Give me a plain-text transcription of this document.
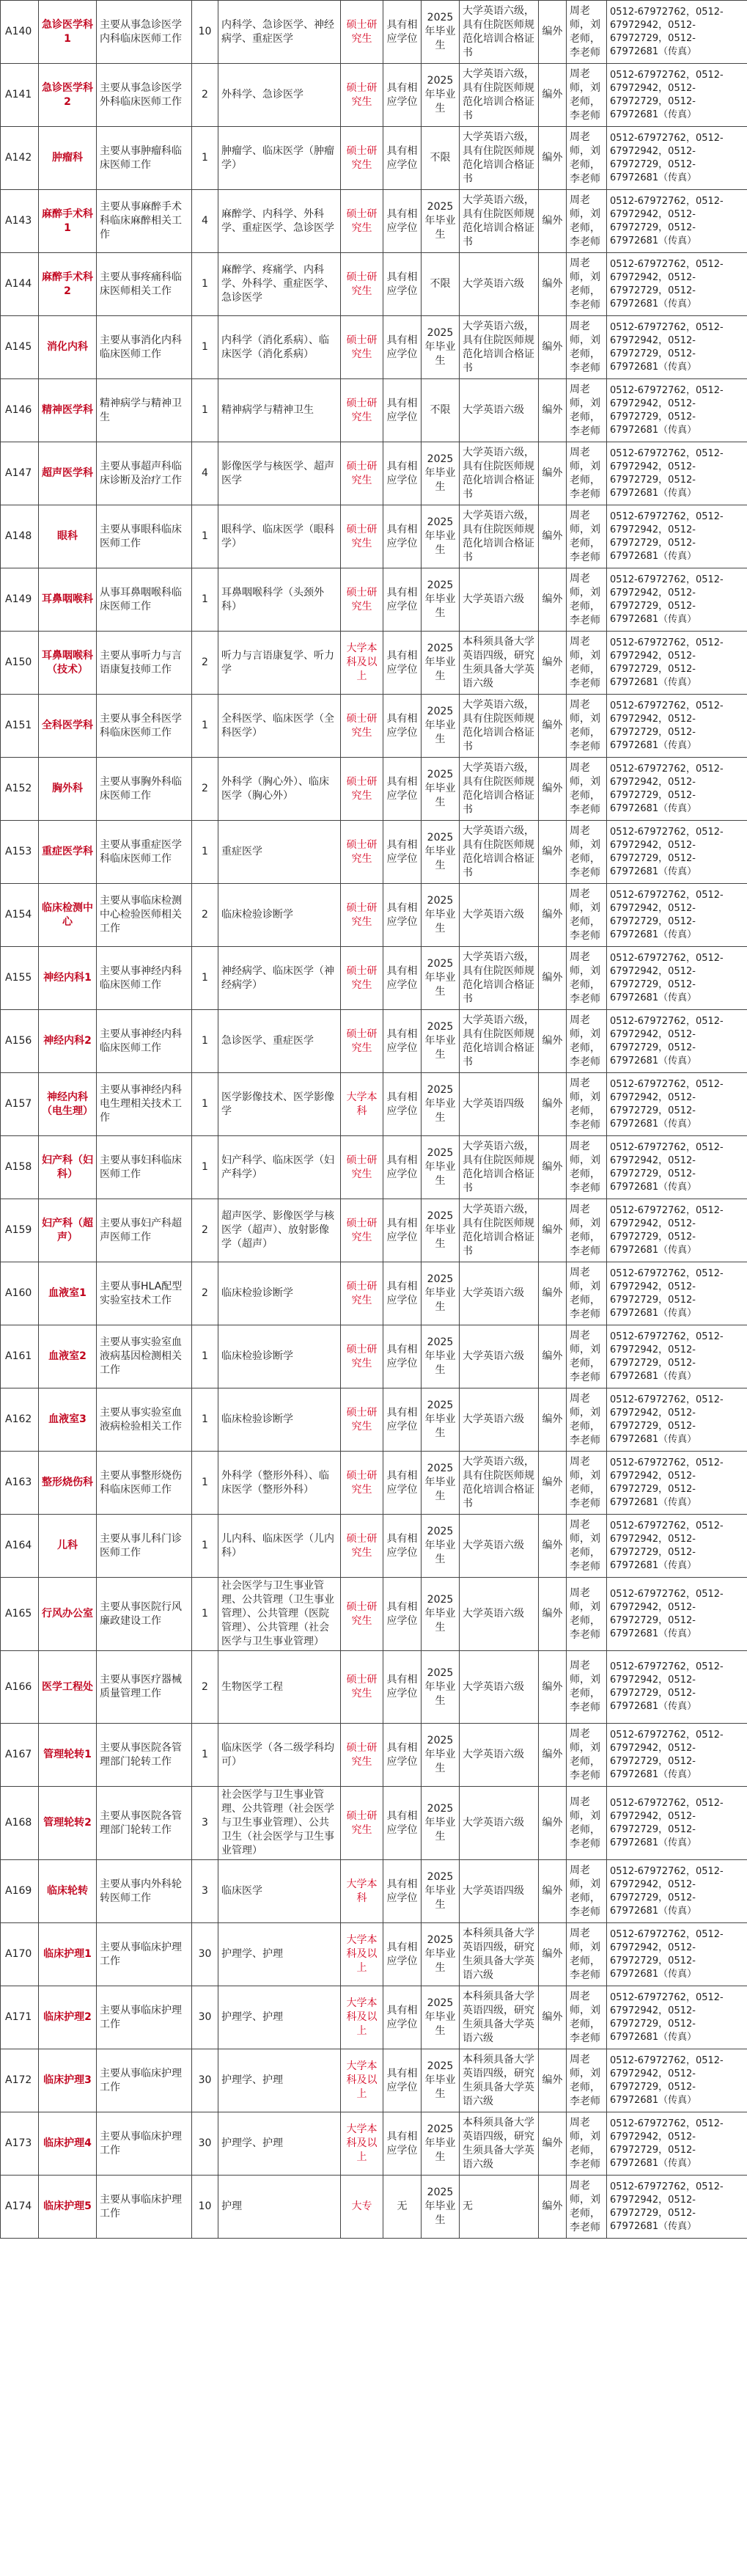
A140	急诊医学科1	主要从事急诊医学内科临床医师工作	10	内科学、急诊医学、神经病学、重症医学	硕士研究生	具有相应学位	2025年毕业生	大学英语六级，具有住院医师规范化培训合格证书	编外	周老师，刘老师，李老师	0512-67972762，0512-67972942，0512-67972729，0512-67972681（传真）
A141	急诊医学科2	主要从事急诊医学外科临床医师工作	2	外科学、急诊医学	硕士研究生	具有相应学位	2025年毕业生	大学英语六级，具有住院医师规范化培训合格证书	编外	周老师，刘老师，李老师	0512-67972762，0512-67972942，0512-67972729，0512-67972681（传真）
A142	肿瘤科	主要从事肿瘤科临床医师工作	1	肿瘤学、临床医学（肿瘤学）	硕士研究生	具有相应学位	不限	大学英语六级，具有住院医师规范化培训合格证书	编外	周老师，刘老师，李老师	0512-67972762，0512-67972942，0512-67972729，0512-67972681（传真）
A143	麻醉手术科1	主要从事麻醉手术科临床麻醉相关工作	4	麻醉学、内科学、外科学、重症医学、急诊医学	硕士研究生	具有相应学位	2025年毕业生	大学英语六级，具有住院医师规范化培训合格证书	编外	周老师，刘老师，李老师	0512-67972762，0512-67972942，0512-67972729，0512-67972681（传真）
A144	麻醉手术科2	主要从事疼痛科临床医师相关工作	1	麻醉学、疼痛学、内科学、外科学、重症医学、急诊医学	硕士研究生	具有相应学位	不限	大学英语六级	编外	周老师，刘老师，李老师	0512-67972762，0512-67972942，0512-67972729，0512-67972681（传真）
A145	消化内科	主要从事消化内科临床医师工作	1	内科学（消化系病）、临床医学（消化系病）	硕士研究生	具有相应学位	2025年毕业生	大学英语六级，具有住院医师规范化培训合格证书	编外	周老师，刘老师，李老师	0512-67972762，0512-67972942，0512-67972729，0512-67972681（传真）
A146	精神医学科	精神病学与精神卫生	1	精神病学与精神卫生	硕士研究生	具有相应学位	不限	大学英语六级	编外	周老师，刘老师，李老师	0512-67972762，0512-67972942，0512-67972729，0512-67972681（传真）
A147	超声医学科	主要从事超声科临床诊断及治疗工作	4	影像医学与核医学、超声医学	硕士研究生	具有相应学位	2025年毕业生	大学英语六级，具有住院医师规范化培训合格证书	编外	周老师，刘老师，李老师	0512-67972762，0512-67972942，0512-67972729，0512-67972681（传真）
A148	眼科	主要从事眼科临床医师工作	1	眼科学、临床医学（眼科学）	硕士研究生	具有相应学位	2025年毕业生	大学英语六级，具有住院医师规范化培训合格证书	编外	周老师，刘老师，李老师	0512-67972762，0512-67972942，0512-67972729，0512-67972681（传真）
A149	耳鼻咽喉科	从事耳鼻咽喉科临床医师工作	1	耳鼻咽喉科学（头颈外科）	硕士研究生	具有相应学位	2025年毕业生	大学英语六级	编外	周老师，刘老师，李老师	0512-67972762，0512-67972942，0512-67972729，0512-67972681（传真）
A150	耳鼻咽喉科（技术）	主要从事听力与言语康复技师工作	2	听力与言语康复学、听力学	大学本科及以上	具有相应学位	2025年毕业生	本科须具备大学英语四级，研究生须具备大学英语六级	编外	周老师，刘老师，李老师	0512-67972762，0512-67972942，0512-67972729，0512-67972681（传真）
A151	全科医学科	主要从事全科医学科临床医师工作	1	全科医学、临床医学（全科医学）	硕士研究生	具有相应学位	2025年毕业生	大学英语六级，具有住院医师规范化培训合格证书	编外	周老师，刘老师，李老师	0512-67972762，0512-67972942，0512-67972729，0512-67972681（传真）
A152	胸外科	主要从事胸外科临床医师工作	2	外科学（胸心外）、临床医学（胸心外）	硕士研究生	具有相应学位	2025年毕业生	大学英语六级，具有住院医师规范化培训合格证书	编外	周老师，刘老师，李老师	0512-67972762，0512-67972942，0512-67972729，0512-67972681（传真）
A153	重症医学科	主要从事重症医学科临床医师工作	1	重症医学	硕士研究生	具有相应学位	2025年毕业生	大学英语六级，具有住院医师规范化培训合格证书	编外	周老师，刘老师，李老师	0512-67972762，0512-67972942，0512-67972729，0512-67972681（传真）
A154	临床检测中心	主要从事临床检测中心检验医师相关工作	2	临床检验诊断学	硕士研究生	具有相应学位	2025年毕业生	大学英语六级	编外	周老师，刘老师，李老师	0512-67972762，0512-67972942，0512-67972729，0512-67972681（传真）
A155	神经内科1	主要从事神经内科临床医师工作	1	神经病学、临床医学（神经病学）	硕士研究生	具有相应学位	2025年毕业生	大学英语六级，具有住院医师规范化培训合格证书	编外	周老师，刘老师，李老师	0512-67972762，0512-67972942，0512-67972729，0512-67972681（传真）
A156	神经内科2	主要从事神经内科临床医师工作	1	急诊医学、重症医学	硕士研究生	具有相应学位	2025年毕业生	大学英语六级，具有住院医师规范化培训合格证书	编外	周老师，刘老师，李老师	0512-67972762，0512-67972942，0512-67972729，0512-67972681（传真）
A157	神经内科（电生理）	主要从事神经内科电生理相关技术工作	1	医学影像技术、医学影像学	大学本科	具有相应学位	2025年毕业生	大学英语四级	编外	周老师，刘老师，李老师	0512-67972762，0512-67972942，0512-67972729，0512-67972681（传真）
A158	妇产科（妇科）	主要从事妇科临床医师工作	1	妇产科学、临床医学（妇产科学）	硕士研究生	具有相应学位	2025年毕业生	大学英语六级，具有住院医师规范化培训合格证书	编外	周老师，刘老师，李老师	0512-67972762，0512-67972942，0512-67972729，0512-67972681（传真）
A159	妇产科（超声）	主要从事妇产科超声医师工作	2	超声医学、影像医学与核医学（超声）、放射影像学（超声）	硕士研究生	具有相应学位	2025年毕业生	大学英语六级，具有住院医师规范化培训合格证书	编外	周老师，刘老师，李老师	0512-67972762，0512-67972942，0512-67972729，0512-67972681（传真）
A160	血液室1	主要从事HLA配型实验室技术工作	2	临床检验诊断学	硕士研究生	具有相应学位	2025年毕业生	大学英语六级	编外	周老师，刘老师，李老师	0512-67972762，0512-67972942，0512-67972729，0512-67972681（传真）
A161	血液室2	主要从事实验室血液病基因检测相关工作	1	临床检验诊断学	硕士研究生	具有相应学位	2025年毕业生	大学英语六级	编外	周老师，刘老师，李老师	0512-67972762，0512-67972942，0512-67972729，0512-67972681（传真）
A162	血液室3	主要从事实验室血液病检验相关工作	1	临床检验诊断学	硕士研究生	具有相应学位	2025年毕业生	大学英语六级	编外	周老师，刘老师，李老师	0512-67972762，0512-67972942，0512-67972729，0512-67972681（传真）
A163	整形烧伤科	主要从事整形烧伤科临床医师工作	1	外科学（整形外科）、临床医学（整形外科）	硕士研究生	具有相应学位	2025年毕业生	大学英语六级，具有住院医师规范化培训合格证书	编外	周老师，刘老师，李老师	0512-67972762，0512-67972942，0512-67972729，0512-67972681（传真）
A164	儿科	主要从事儿科门诊医师工作	1	儿内科、临床医学（儿内科）	硕士研究生	具有相应学位	2025年毕业生	大学英语六级	编外	周老师，刘老师，李老师	0512-67972762，0512-67972942，0512-67972729，0512-67972681（传真）
A165	行风办公室	主要从事医院行风廉政建设工作	1	社会医学与卫生事业管理、公共管理（卫生事业管理）、公共管理（医院管理）、公共管理（社会医学与卫生事业管理）	硕士研究生	具有相应学位	2025年毕业生	大学英语六级	编外	周老师，刘老师，李老师	0512-67972762，0512-67972942，0512-67972729，0512-67972681（传真）
A166	医学工程处	主要从事医疗器械质量管理工作	2	生物医学工程	硕士研究生	具有相应学位	2025年毕业生	大学英语六级	编外	周老师，刘老师，李老师	0512-67972762，0512-67972942，0512-67972729，0512-67972681（传真）
A167	管理轮转1	主要从事医院各管理部门轮转工作	1	临床医学（各二级学科均可）	硕士研究生	具有相应学位	2025年毕业生	大学英语六级	编外	周老师，刘老师，李老师	0512-67972762，0512-67972942，0512-67972729，0512-67972681（传真）
A168	管理轮转2	主要从事医院各管理部门轮转工作	3	社会医学与卫生事业管理、公共管理（社会医学与卫生事业管理）、公共卫生（社会医学与卫生事业管理）	硕士研究生	具有相应学位	2025年毕业生	大学英语六级	编外	周老师，刘老师，李老师	0512-67972762，0512-67972942，0512-67972729，0512-67972681（传真）
A169	临床轮转	主要从事内外科轮转医师工作	3	临床医学	大学本科	具有相应学位	2025年毕业生	大学英语四级	编外	周老师，刘老师，李老师	0512-67972762，0512-67972942，0512-67972729，0512-67972681（传真）
A170	临床护理1	主要从事临床护理工作	30	护理学、护理	大学本科及以上	具有相应学位	2025年毕业生	本科须具备大学英语四级，研究生须具备大学英语六级	编外	周老师，刘老师，李老师	0512-67972762，0512-67972942，0512-67972729，0512-67972681（传真）
A171	临床护理2	主要从事临床护理工作	30	护理学、护理	大学本科及以上	具有相应学位	2025年毕业生	本科须具备大学英语四级，研究生须具备大学英语六级	编外	周老师，刘老师，李老师	0512-67972762，0512-67972942，0512-67972729，0512-67972681（传真）
A172	临床护理3	主要从事临床护理工作	30	护理学、护理	大学本科及以上	具有相应学位	2025年毕业生	本科须具备大学英语四级，研究生须具备大学英语六级	编外	周老师，刘老师，李老师	0512-67972762，0512-67972942，0512-67972729，0512-67972681（传真）
A173	临床护理4	主要从事临床护理工作	30	护理学、护理	大学本科及以上	具有相应学位	2025年毕业生	本科须具备大学英语四级，研究生须具备大学英语六级	编外	周老师，刘老师，李老师	0512-67972762，0512-67972942，0512-67972729，0512-67972681（传真）
A174	临床护理5	主要从事临床护理工作	10	护理	大专	无	2025年毕业生	无	编外	周老师，刘老师，李老师	0512-67972762，0512-67972942，0512-67972729，0512-67972681（传真）
